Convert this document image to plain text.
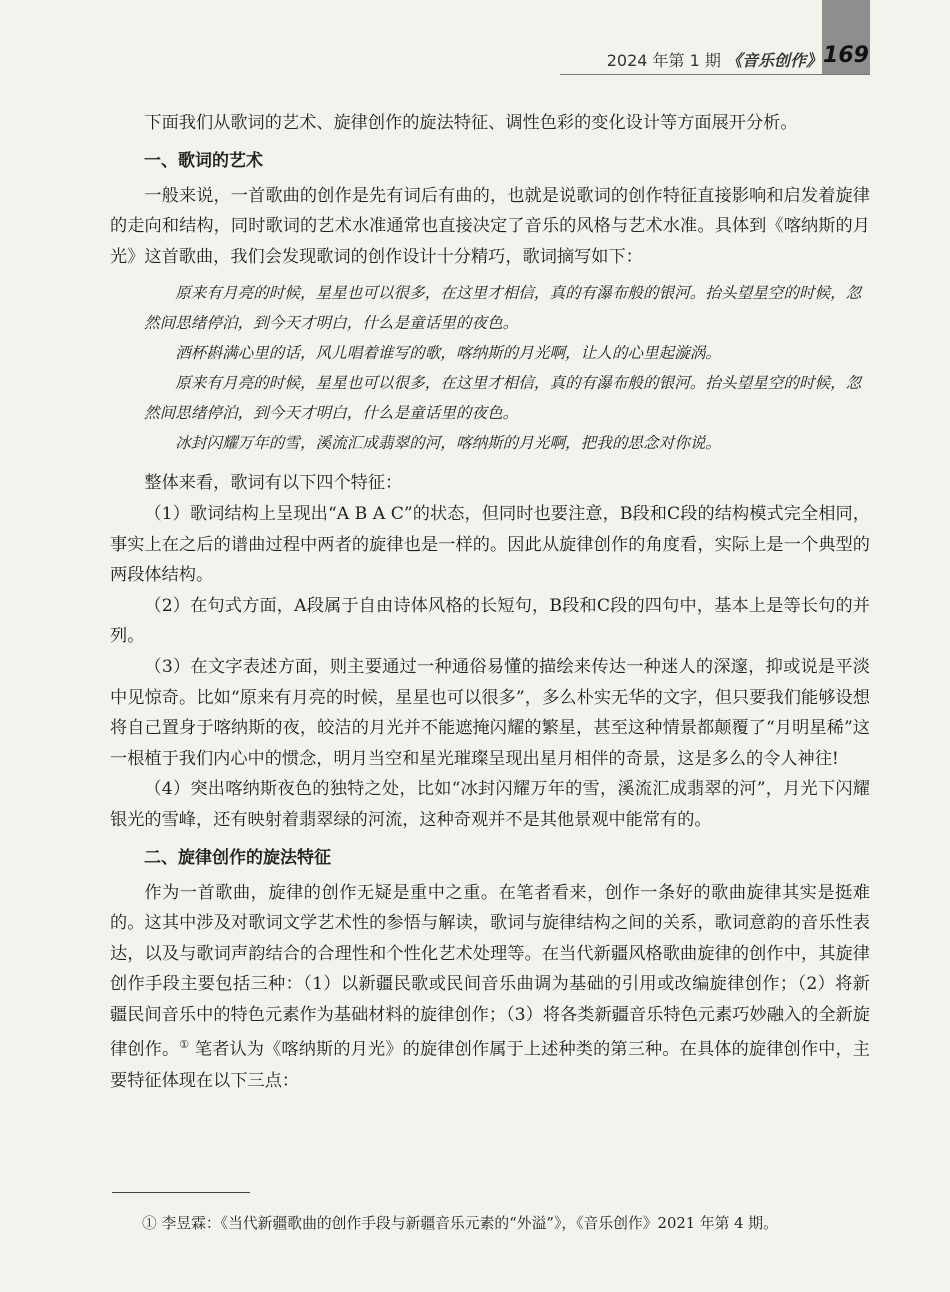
2024 年第 1 期 《音乐创作》 169

下面我们从歌词的艺术、旋律创作的旋法特征、调性色彩的变化设计等方面展开分析。

一、歌词的艺术

一般来说，一首歌曲的创作是先有词后有曲的，也就是说歌词的创作特征直接影响和启发着旋律的走向和结构，同时歌词的艺术水准通常也直接决定了音乐的风格与艺术水准。具体到《喀纳斯的月光》这首歌曲，我们会发现歌词的创作设计十分精巧，歌词摘写如下：

原来有月亮的时候，星星也可以很多，在这里才相信，真的有瀑布般的银河。抬头望星空的时候，忽然间思绪停泊，到今天才明白，什么是童话里的夜色。

酒杯斟满心里的话，风儿唱着谁写的歌，喀纳斯的月光啊，让人的心里起漩涡。

原来有月亮的时候，星星也可以很多，在这里才相信，真的有瀑布般的银河。抬头望星空的时候，忽然间思绪停泊，到今天才明白，什么是童话里的夜色。

冰封闪耀万年的雪，溪流汇成翡翠的河，喀纳斯的月光啊，把我的思念对你说。

整体来看，歌词有以下四个特征：

（1）歌词结构上呈现出“A B A C”的状态，但同时也要注意，B段和C段的结构模式完全相同，事实上在之后的谱曲过程中两者的旋律也是一样的。因此从旋律创作的角度看，实际上是一个典型的两段体结构。

（2）在句式方面，A段属于自由诗体风格的长短句，B段和C段的四句中，基本上是等长句的并列。

（3）在文字表述方面，则主要通过一种通俗易懂的描绘来传达一种迷人的深邃，抑或说是平淡中见惊奇。比如“原来有月亮的时候，星星也可以很多”，多么朴实无华的文字，但只要我们能够设想将自己置身于喀纳斯的夜，皎洁的月光并不能遮掩闪耀的繁星，甚至这种情景都颠覆了“月明星稀”这一根植于我们内心中的惯念，明月当空和星光璀璨呈现出星月相伴的奇景，这是多么的令人神往!

（4）突出喀纳斯夜色的独特之处，比如“冰封闪耀万年的雪，溪流汇成翡翠的河”，月光下闪耀银光的雪峰，还有映射着翡翠绿的河流，这种奇观并不是其他景观中能常有的。

二、旋律创作的旋法特征

作为一首歌曲，旋律的创作无疑是重中之重。在笔者看来，创作一条好的歌曲旋律其实是挺难的。这其中涉及对歌词文学艺术性的参悟与解读，歌词与旋律结构之间的关系，歌词意韵的音乐性表达，以及与歌词声韵结合的合理性和个性化艺术处理等。在当代新疆风格歌曲旋律的创作中，其旋律创作手段主要包括三种：（1）以新疆民歌或民间音乐曲调为基础的引用或改编旋律创作；（2）将新疆民间音乐中的特色元素作为基础材料的旋律创作；（3）将各类新疆音乐特色元素巧妙融入的全新旋律创作。① 笔者认为《喀纳斯的月光》的旋律创作属于上述种类的第三种。在具体的旋律创作中，主要特征体现在以下三点：

① 李昱霖：《当代新疆歌曲的创作手段与新疆音乐元素的“外溢”》，《音乐创作》2021 年第 4 期。
